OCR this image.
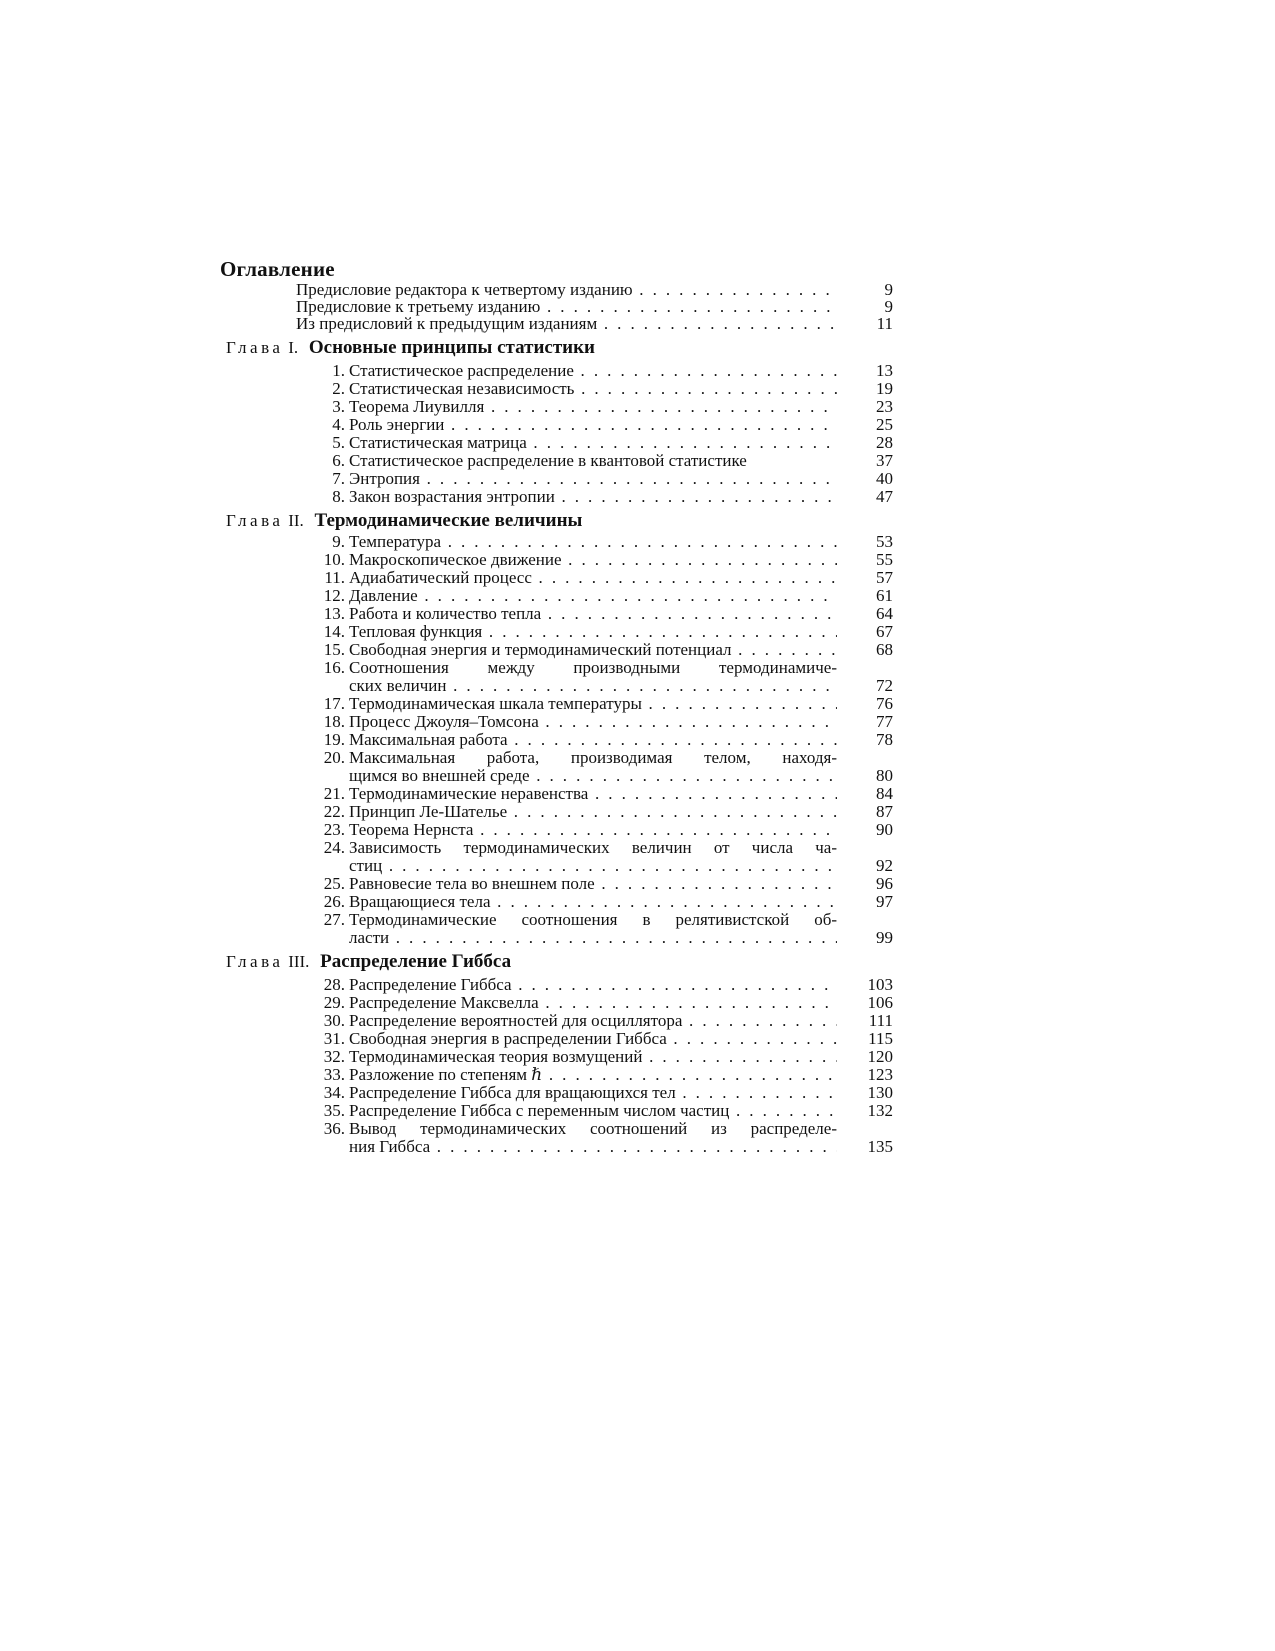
Оглавление
Предисловие редактора к четвертому изданию . . .	9
Предисловие к третьему изданию . . .	9
Из предисловий к предыдущим изданиям . . .	11
Глава I. Основные принципы статистики
1. Статистическое распределение . . .	13
2. Статистическая независимость . . .	19
3. Теорема Лиувилля . . .	23
4. Роль энергии . . .	25
5. Статистическая матрица . . .	28
6. Статистическое распределение в квантовой статистике	37
7. Энтропия . . .	40
8. Закон возрастания энтропии . . .	47
Глава II. Термодинамические величины
9. Температура . . .	53
10. Макроскопическое движение . . .	55
11. Адиабатический процесс . . .	57
12. Давление . . .	61
13. Работа и количество тепла . . .	64
14. Тепловая функция . . .	67
15. Свободная энергия и термодинамический потенциал . . .	68
16. Соотношения между производными термодинамиче-
ских величин . . .	72
17. Термодинамическая шкала температуры . . .	76
18. Процесс Джоуля–Томсона . . .	77
19. Максимальная работа . . .	78
20. Максимальная работа, производимая телом, находя-
щимся во внешней среде . . .	80
21. Термодинамические неравенства . . .	84
22. Принцип Ле-Шателье . . .	87
23. Теорема Нернста . . .	90
24. Зависимость термодинамических величин от числа ча-
стиц . . .	92
25. Равновесие тела во внешнем поле . . .	96
26. Вращающиеся тела . . .	97
27. Термодинамические соотношения в релятивистской об-
ласти . . .	99
Глава III. Распределение Гиббса
28. Распределение Гиббса . . .	103
29. Распределение Максвелла . . .	106
30. Распределение вероятностей для осциллятора . . .	111
31. Свободная энергия в распределении Гиббса . . .	115
32. Термодинамическая теория возмущений . . .	120
33. Разложение по степеням ℏ . . .	123
34. Распределение Гиббса для вращающихся тел . . .	130
35. Распределение Гиббса с переменным числом частиц . . .	132
36. Вывод термодинамических соотношений из распределе-
ния Гиббса . . .	135
